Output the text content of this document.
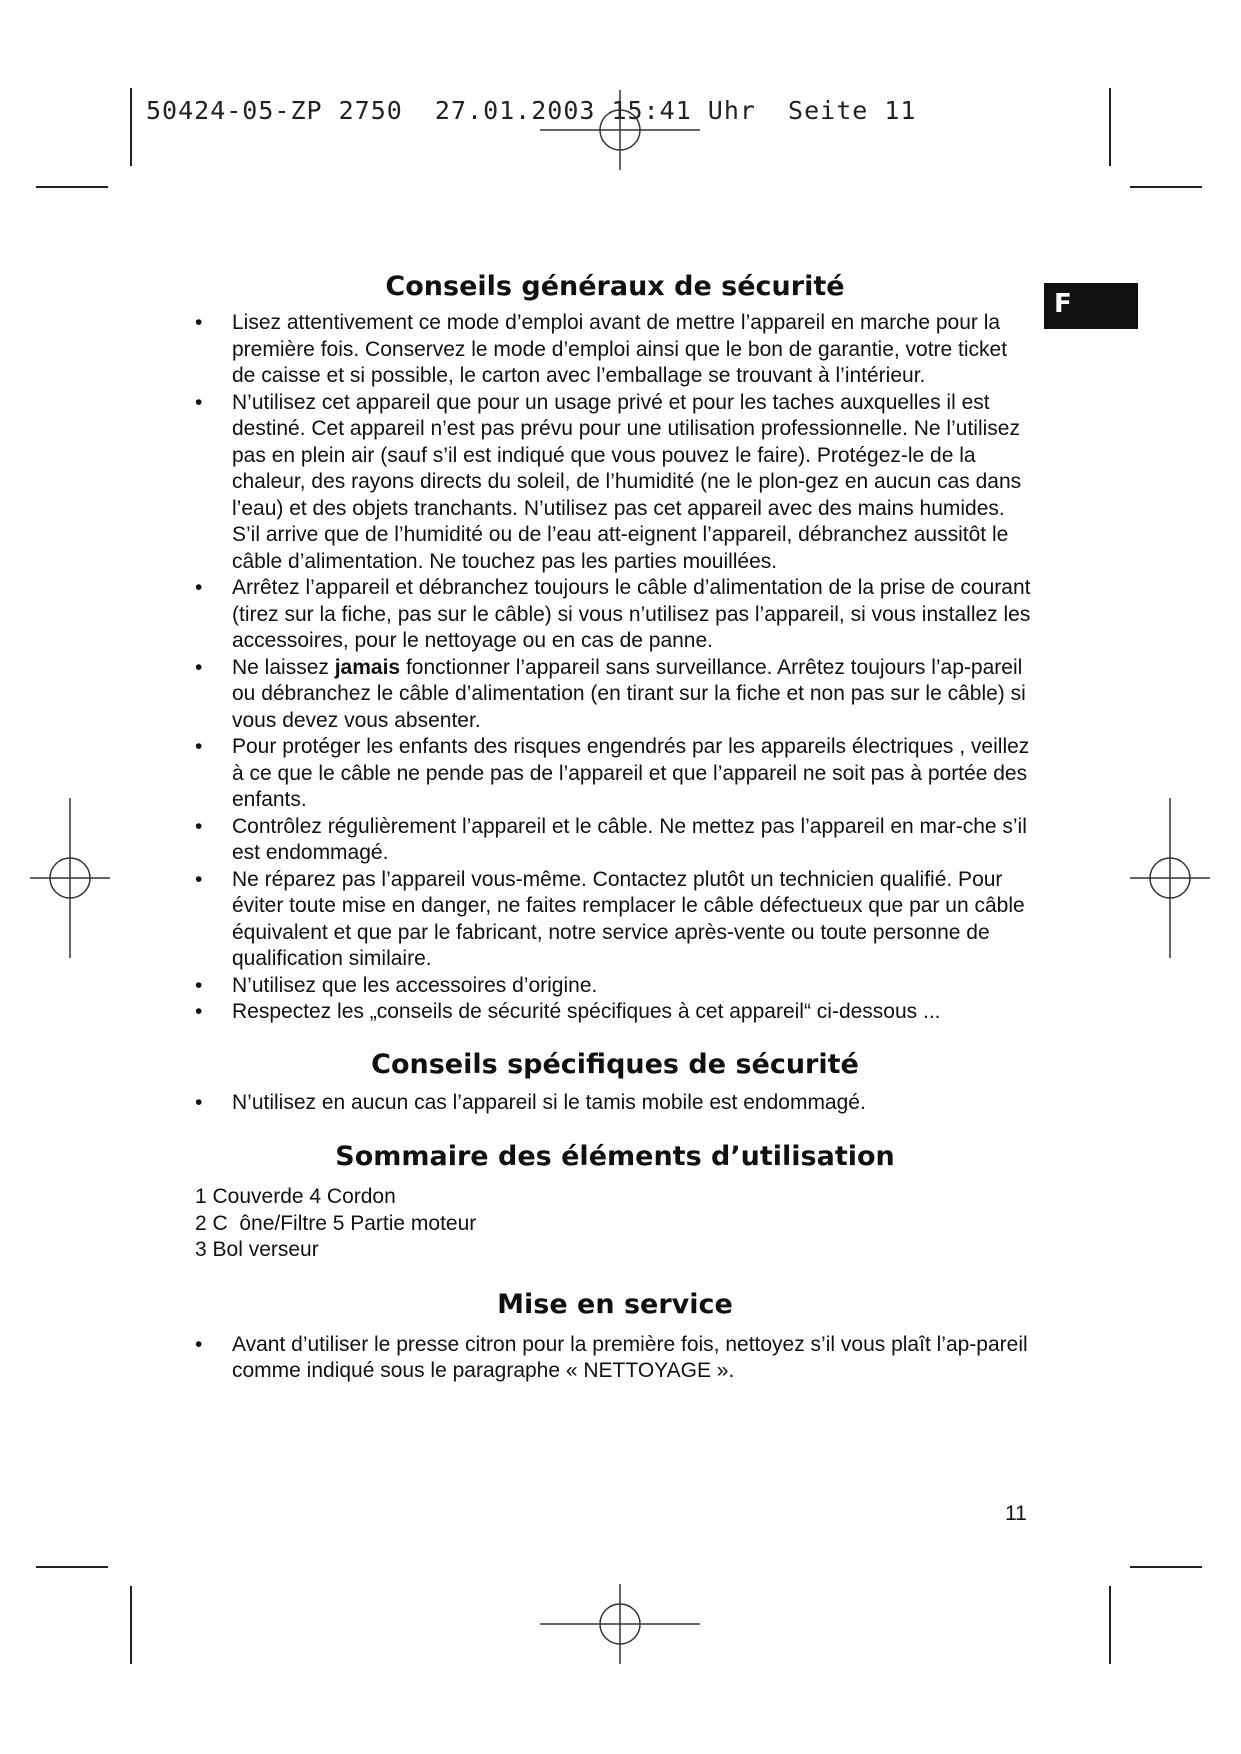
50424-05-ZP 2750  27.01.2003 15:41 Uhr  Seite 11
F
Conseils généraux de sécurité
• Lisez attentivement ce mode d’emploi avant de mettre l’appareil en marche pour la première fois. Conservez le mode d’emploi ainsi que le bon de garantie, votre ticket de caisse et si possible, le carton avec l’emballage se trouvant à l’intérieur.
• N’utilisez cet appareil que pour un usage privé et pour les taches auxquelles il est destiné. Cet appareil n’est pas prévu pour une utilisation professionnelle. Ne l’utilisez pas en plein air (sauf s’il est indiqué que vous pouvez le faire). Protégez-le de la chaleur, des rayons directs du soleil, de l’humidité (ne le plon-gez en aucun cas dans l’eau) et des objets tranchants. N’utilisez pas cet appareil avec des mains humides. S’il arrive que de l’humidité ou de l’eau att-eignent l’appareil, débranchez aussitôt le câble d’alimentation. Ne touchez pas les parties mouillées.
• Arrêtez l’appareil et débranchez toujours le câble d’alimentation de la prise de courant (tirez sur la fiche, pas sur le câble) si vous n’utilisez pas l’appareil, si vous installez les accessoires, pour le nettoyage ou en cas de panne.
• Ne laissez jamais fonctionner l’appareil sans surveillance. Arrêtez toujours l’ap-pareil ou débranchez le câble d’alimentation (en tirant sur la fiche et non pas sur le câble) si vous devez vous absenter.
• Pour protéger les enfants des risques engendrés par les appareils électriques , veillez à ce que le câble ne pende pas de l’appareil et que l’appareil ne soit pas à portée des enfants.
• Contrôlez régulièrement l’appareil et le câble. Ne mettez pas l’appareil en mar-che s’il est endommagé.
• Ne réparez pas l’appareil vous-même. Contactez plutôt un technicien qualifié. Pour éviter toute mise en danger, ne faites remplacer le câble défectueux que par un câble équivalent et que par le fabricant, notre service après-vente ou toute personne de qualification similaire.
• N’utilisez que les accessoires d’origine.
• Respectez les „conseils de sécurité spécifiques à cet appareil“ ci-dessous ...
Conseils spécifiques de sécurité
• N’utilisez en aucun cas l’appareil si le tamis mobile est endommagé.
Sommaire des éléments d’utilisation

1 Couverde 4 Cordon

2 C  ône/Filtre 5 Partie moteur

3 Bol verseur

Mise en service
• Avant d’utiliser le presse citron pour la première fois, nettoyez s’il vous plaît l’ap-pareil comme indiqué sous le paragraphe « NETTOYAGE ».
11
